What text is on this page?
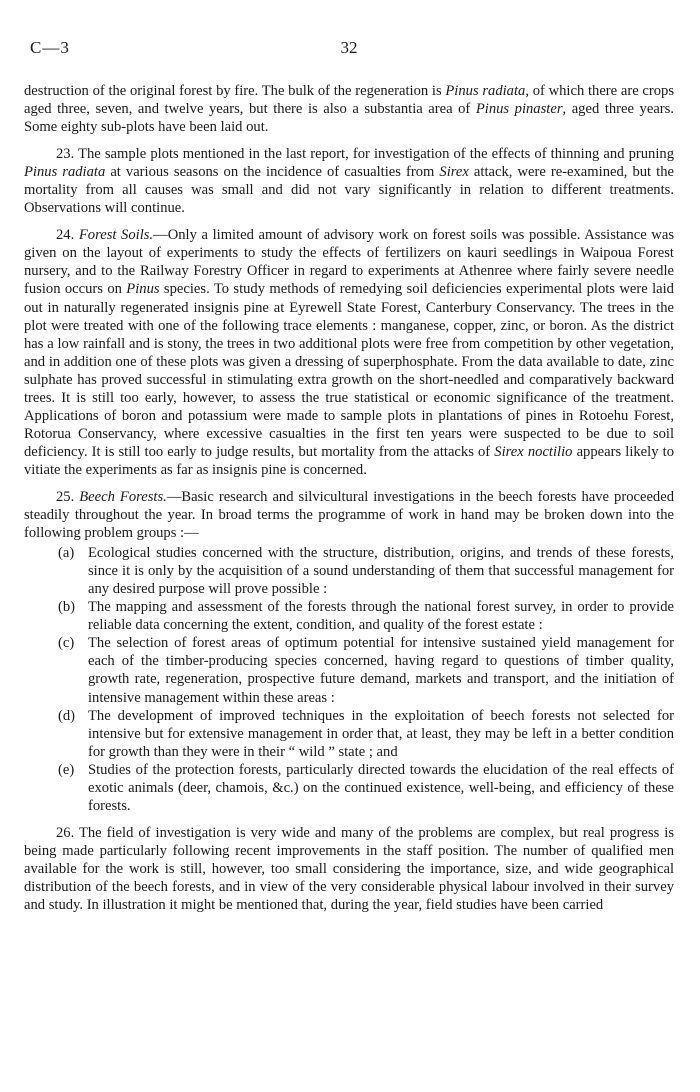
C—3	32

destruction of the original forest by fire. The bulk of the regeneration is Pinus radiata, of which there are crops aged three, seven, and twelve years, but there is also a substantia area of Pinus pinaster, aged three years. Some eighty sub-plots have been laid out.

23. The sample plots mentioned in the last report, for investigation of the effects of thinning and pruning Pinus radiata at various seasons on the incidence of casualties from Sirex attack, were re-examined, but the mortality from all causes was small and did not vary significantly in relation to different treatments. Observations will continue.

24. Forest Soils.—Only a limited amount of advisory work on forest soils was possible. Assistance was given on the layout of experiments to study the effects of fertilizers on kauri seedlings in Waipoua Forest nursery, and to the Railway Forestry Officer in regard to experiments at Athenree where fairly severe needle fusion occurs on Pinus species. To study methods of remedying soil deficiencies experimental plots were laid out in naturally regenerated insignis pine at Eyrewell State Forest, Canterbury Conservancy. The trees in the plot were treated with one of the following trace elements : manganese, copper, zinc, or boron. As the district has a low rainfall and is stony, the trees in two additional plots were free from competition by other vegetation, and in addition one of these plots was given a dressing of superphosphate. From the data available to date, zinc sulphate has proved successful in stimulating extra growth on the short-needled and comparatively backward trees. It is still too early, however, to assess the true statistical or economic significance of the treatment. Applications of boron and potassium were made to sample plots in plantations of pines in Rotoehu Forest, Rotorua Conservancy, where excessive casualties in the first ten years were suspected to be due to soil deficiency. It is still too early to judge results, but mortality from the attacks of Sirex noctilio appears likely to vitiate the experiments as far as insignis pine is concerned.

25. Beech Forests.—Basic research and silvicultural investigations in the beech forests have proceeded steadily throughout the year. In broad terms the programme of work in hand may be broken down into the following problem groups :—

(a) Ecological studies concerned with the structure, distribution, origins, and trends of these forests, since it is only by the acquisition of a sound understanding of them that successful management for any desired purpose will prove possible :
(b) The mapping and assessment of the forests through the national forest survey, in order to provide reliable data concerning the extent, condition, and quality of the forest estate :
(c) The selection of forest areas of optimum potential for intensive sustained yield management for each of the timber-producing species concerned, having regard to questions of timber quality, growth rate, regeneration, prospective future demand, markets and transport, and the initiation of intensive management within these areas :
(d) The development of improved techniques in the exploitation of beech forests not selected for intensive but for extensive management in order that, at least, they may be left in a better condition for growth than they were in their “ wild ” state ; and
(e) Studies of the protection forests, particularly directed towards the elucidation of the real effects of exotic animals (deer, chamois, &c.) on the continued existence, well-being, and efficiency of these forests.

26. The field of investigation is very wide and many of the problems are complex, but real progress is being made particularly following recent improvements in the staff position. The number of qualified men available for the work is still, however, too small considering the importance, size, and wide geographical distribution of the beech forests, and in view of the very considerable physical labour involved in their survey and study. In illustration it might be mentioned that, during the year, field studies have been carried
